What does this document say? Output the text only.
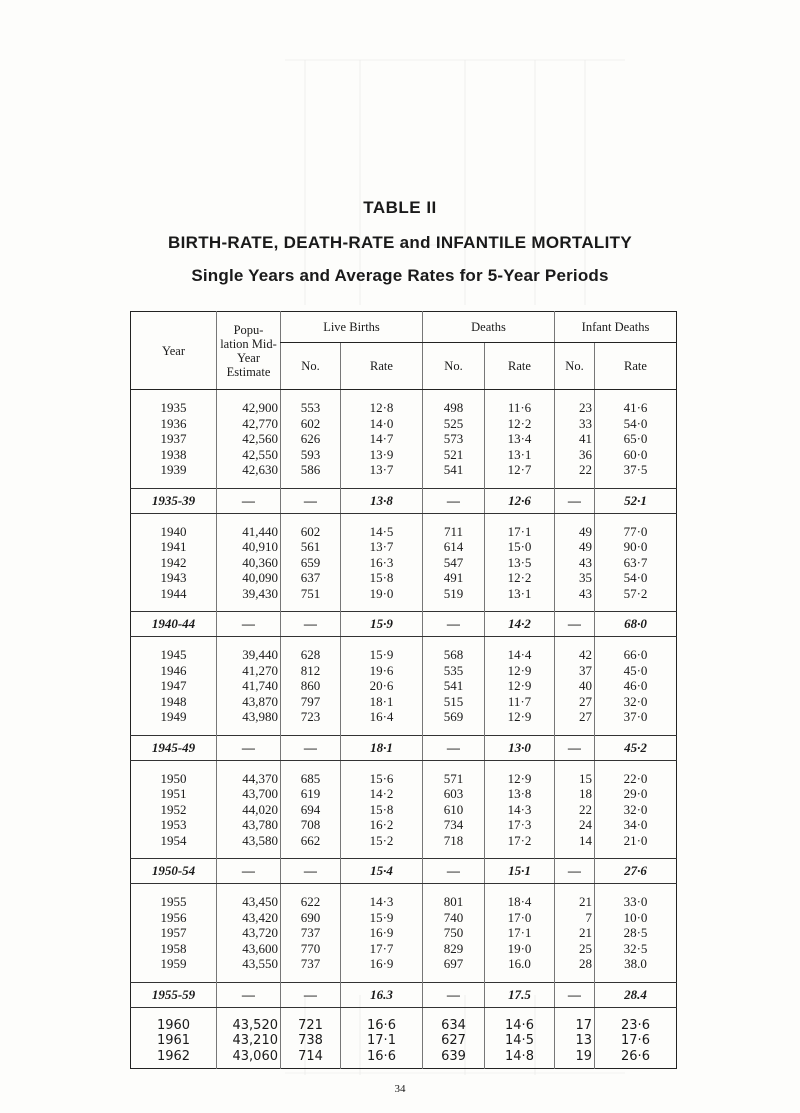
TABLE II
BIRTH-RATE, DEATH-RATE and INFANTILE MORTALITY
Single Years and Average Rates for 5-Year Periods
Year	Popu- lation Mid- Year Estimate	Live Births		Deaths		Infant Deaths	
		No.	Rate	No.	Rate	No.	Rate

1935	42,900	553	12·8	498	11·6	23	41·6
1936	42,770	602	14·0	525	12·2	33	54·0
1937	42,560	626	14·7	573	13·4	41	65·0
1938	42,550	593	13·9	521	13·1	36	60·0
1939	42,630	586	13·7	541	12·7	22	37·5

1935-39	—	—	13·8	—	12·6	—	52·1

1940	41,440	602	14·5	711	17·1	49	77·0
1941	40,910	561	13·7	614	15·0	49	90·0
1942	40,360	659	16·3	547	13·5	43	63·7
1943	40,090	637	15·8	491	12·2	35	54·0
1944	39,430	751	19·0	519	13·1	43	57·2

1940-44	—	—	15·9	—	14·2	—	68·0

1945	39,440	628	15·9	568	14·4	42	66·0
1946	41,270	812	19·6	535	12·9	37	45·0
1947	41,740	860	20·6	541	12·9	40	46·0
1948	43,870	797	18·1	515	11·7	27	32·0
1949	43,980	723	16·4	569	12·9	27	37·0

1945-49	—	—	18·1	—	13·0	—	45·2

1950	44,370	685	15·6	571	12·9	15	22·0
1951	43,700	619	14·2	603	13·8	18	29·0
1952	44,020	694	15·8	610	14·3	22	32·0
1953	43,780	708	16·2	734	17·3	24	34·0
1954	43,580	662	15·2	718	17·2	14	21·0

1950-54	—	—	15·4	—	15·1	—	27·6

1955	43,450	622	14·3	801	18·4	21	33·0
1956	43,420	690	15·9	740	17·0	7	10·0
1957	43,720	737	16·9	750	17·1	21	28·5
1958	43,600	770	17·7	829	19·0	25	32·5
1959	43,550	737	16·9	697	16.0	28	38.0

1955-59	—	—	16.3	—	17.5	—	28.4

1960	43,520	721	16·6	634	14·6	17	23·6
1961	43,210	738	17·1	627	14·5	13	17·6
1962	43,060	714	16·6	639	14·8	19	26·6

34
